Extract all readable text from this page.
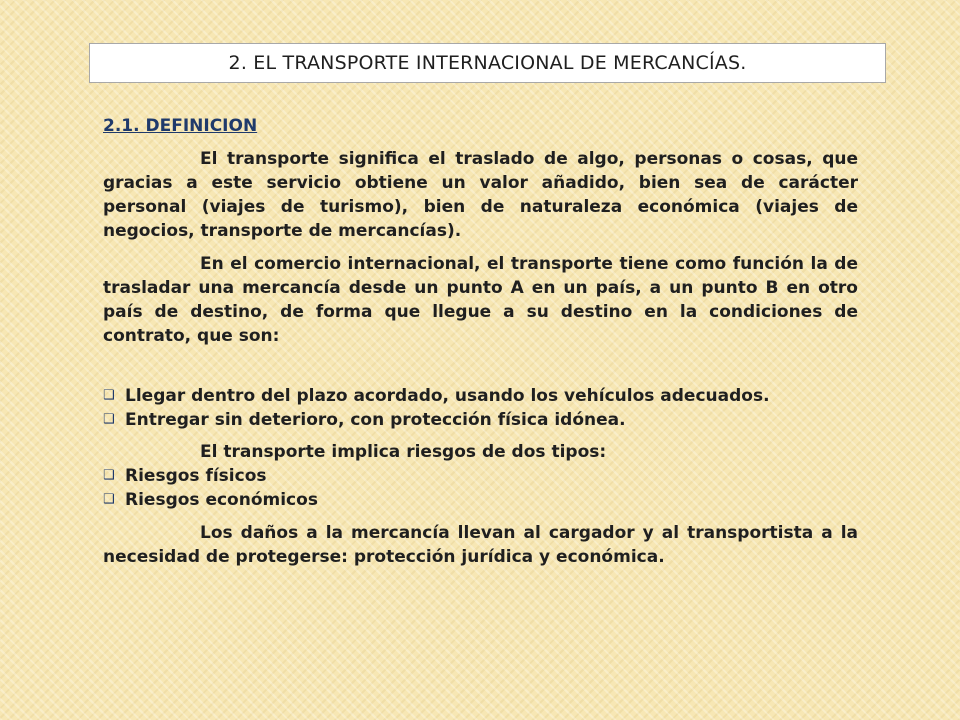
2. EL TRANSPORTE INTERNACIONAL DE MERCANCÍAS.
2.1. DEFINICION

El transporte significa el traslado de algo, personas o cosas, que gracias a este servicio obtiene un valor añadido, bien sea de carácter personal (viajes de turismo), bien de naturaleza económica (viajes de negocios, transporte de mercancías).

En el comercio internacional, el transporte tiene como función la de trasladar una mercancía desde un punto A en un país, a un punto B en otro país de destino, de forma que llegue a su destino en la condiciones de contrato, que son:

❑ Llegar dentro del plazo acordado, usando los vehículos adecuados.
❑ Entregar sin deterioro, con protección física idónea.

El transporte implica riesgos de dos tipos:

❑ Riesgos físicos
❑ Riesgos económicos

Los daños a la mercancía llevan al cargador y al transportista a la necesidad de protegerse: protección jurídica y económica.
